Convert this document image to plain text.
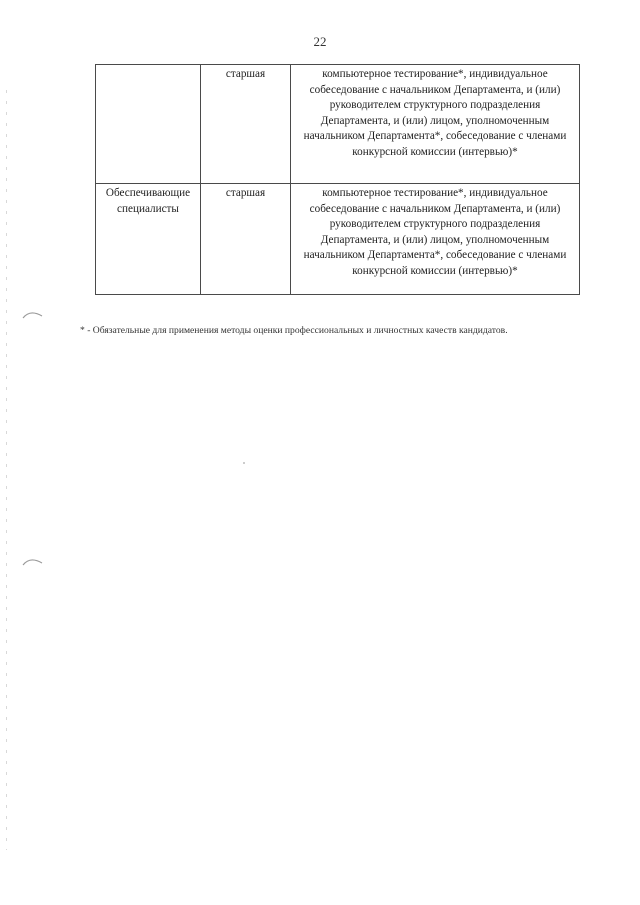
22
	старшая	компьютерное тестирование*, индивидуальное собеседование с начальником Департамента, и (или) руководителем структурного подразделения Департамента, и (или) лицом, уполномоченным начальником Департамента*, собеседование с членами конкурсной комиссии (интервью)*
Обеспечивающие специалисты	старшая	компьютерное тестирование*, индивидуальное собеседование с начальником Департамента, и (или) руководителем структурного подразделения Департамента, и (или) лицом, уполномоченным начальником Департамента*, собеседование с членами конкурсной комиссии (интервью)*
* - Обязательные для применения методы оценки профессиональных и личностных качеств кандидатов.
